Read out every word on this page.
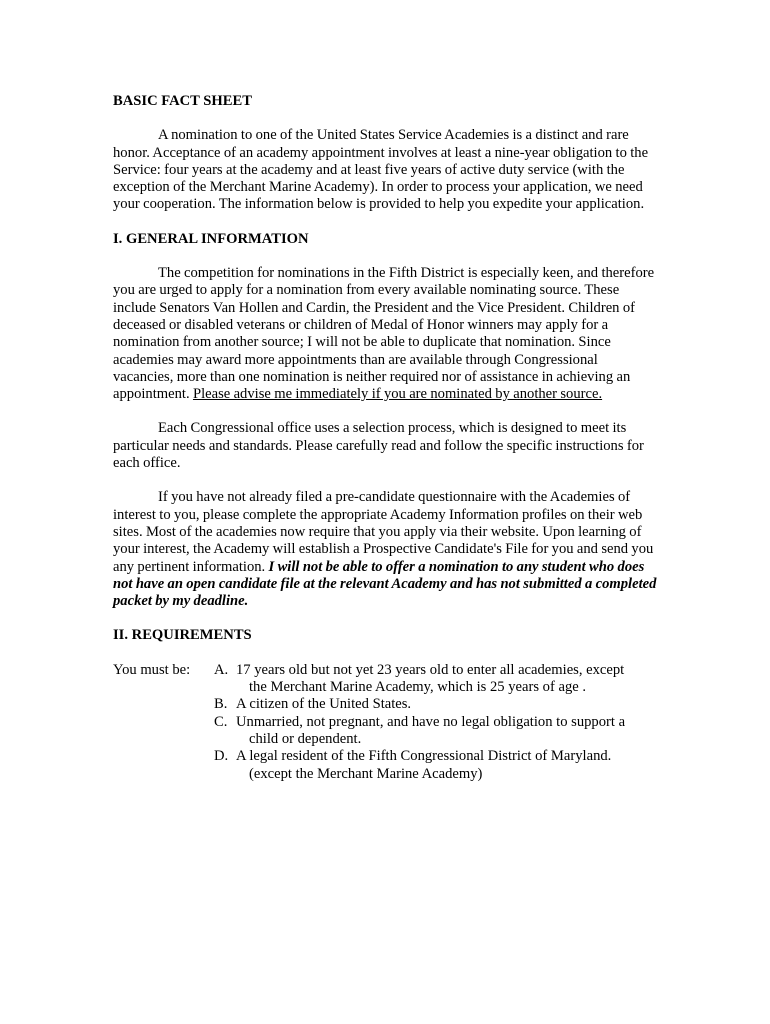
BASIC FACT SHEET

A nomination to one of the United States Service Academies is a distinct and rare honor. Acceptance of an academy appointment involves at least a nine-year obligation to the Service: four years at the academy and at least five years of active duty service (with the exception of the Merchant Marine Academy). In order to process your application, we need your cooperation. The information below is provided to help you expedite your application.

I. GENERAL INFORMATION

The competition for nominations in the Fifth District is especially keen, and therefore you are urged to apply for a nomination from every available nominating source. These include Senators Van Hollen and Cardin, the President and the Vice President. Children of deceased or disabled veterans or children of Medal of Honor winners may apply for a nomination from another source; I will not be able to duplicate that nomination. Since academies may award more appointments than are available through Congressional vacancies, more than one nomination is neither required nor of assistance in achieving an appointment. Please advise me immediately if you are nominated by another source.

Each Congressional office uses a selection process, which is designed to meet its particular needs and standards. Please carefully read and follow the specific instructions for each office.

If you have not already filed a pre-candidate questionnaire with the Academies of interest to you, please complete the appropriate Academy Information profiles on their web sites. Most of the academies now require that you apply via their website. Upon learning of your interest, the Academy will establish a Prospective Candidate's File for you and send you any pertinent information. I will not be able to offer a nomination to any student who does not have an open candidate file at the relevant Academy and has not submitted a completed packet by my deadline.

II. REQUIREMENTS

You must be: A. 17 years old but not yet 23 years old to enter all academies, except
the Merchant Marine Academy, which is 25 years of age .
B. A citizen of the United States.
C. Unmarried, not pregnant, and have no legal obligation to support a
child or dependent.
D. A legal resident of the Fifth Congressional District of Maryland.
(except the Merchant Marine Academy)
